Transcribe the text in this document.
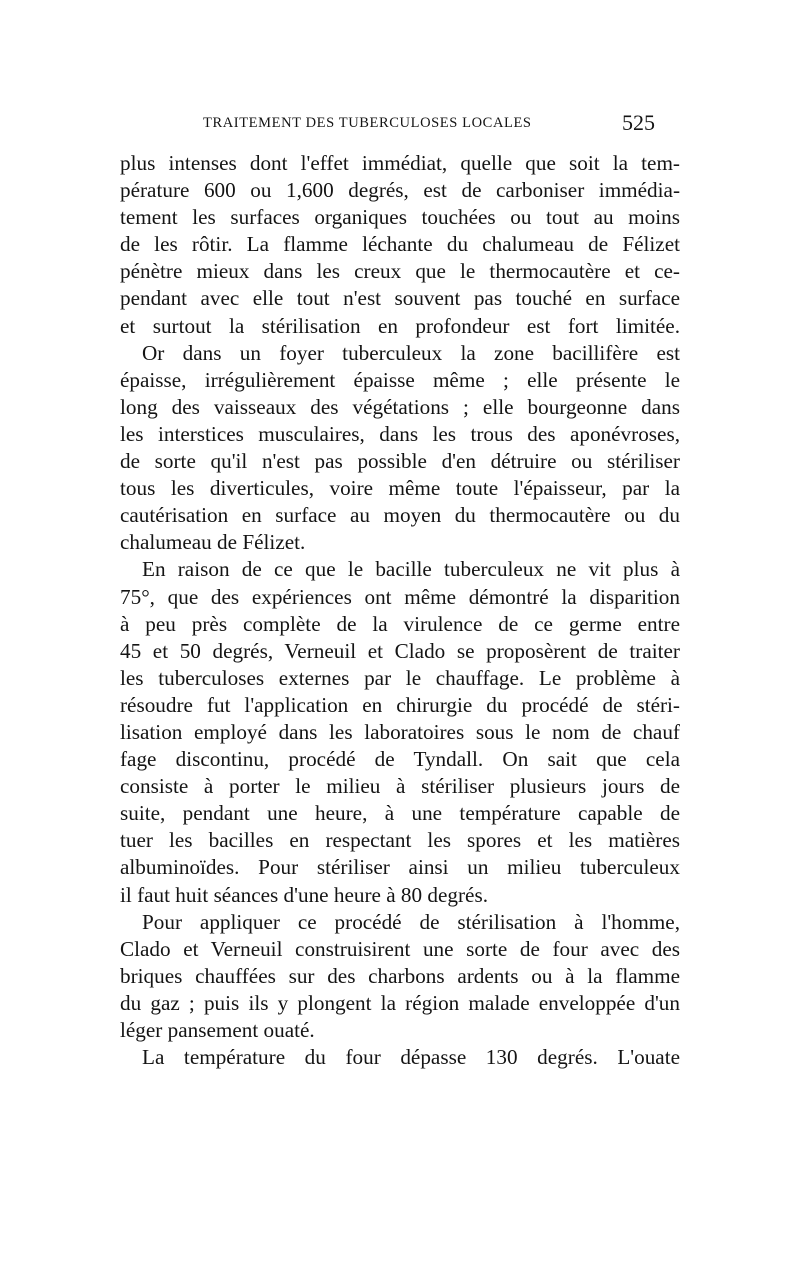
TRAITEMENT DES TUBERCULOSES LOCALES	525
plus intenses dont l'effet immédiat, quelle que soit la tem-
pérature 600 ou 1,600 degrés, est de carboniser immédia-
tement les surfaces organiques touchées ou tout au moins
de les rôtir. La flamme léchante du chalumeau de Félizet
pénètre mieux dans les creux que le thermocautère et ce-
pendant avec elle tout n'est souvent pas touché en surface
et surtout la stérilisation en profondeur est fort limitée.
Or dans un foyer tuberculeux la zone bacillifère est
épaisse, irrégulièrement épaisse même ; elle présente le
long des vaisseaux des végétations ; elle bourgeonne dans
les interstices musculaires, dans les trous des aponévroses,
de sorte qu'il n'est pas possible d'en détruire ou stériliser
tous les diverticules, voire même toute l'épaisseur, par la
cautérisation en surface au moyen du thermocautère ou du
chalumeau de Félizet.
En raison de ce que le bacille tuberculeux ne vit plus à
75°, que des expériences ont même démontré la disparition
à peu près complète de la virulence de ce germe entre
45 et 50 degrés, Verneuil et Clado se proposèrent de traiter
les tuberculoses externes par le chauffage. Le problème à
résoudre fut l'application en chirurgie du procédé de stéri-
lisation employé dans les laboratoires sous le nom de chauf
fage discontinu, procédé de Tyndall. On sait que cela
consiste à porter le milieu à stériliser plusieurs jours de
suite, pendant une heure, à une température capable de
tuer les bacilles en respectant les spores et les matières
albuminoïdes. Pour stériliser ainsi un milieu tuberculeux
il faut huit séances d'une heure à 80 degrés.
Pour appliquer ce procédé de stérilisation à l'homme,
Clado et Verneuil construisirent une sorte de four avec des
briques chauffées sur des charbons ardents ou à la flamme
du gaz ; puis ils y plongent la région malade enveloppée d'un
léger pansement ouaté.
La température du four dépasse 130 degrés. L'ouate
